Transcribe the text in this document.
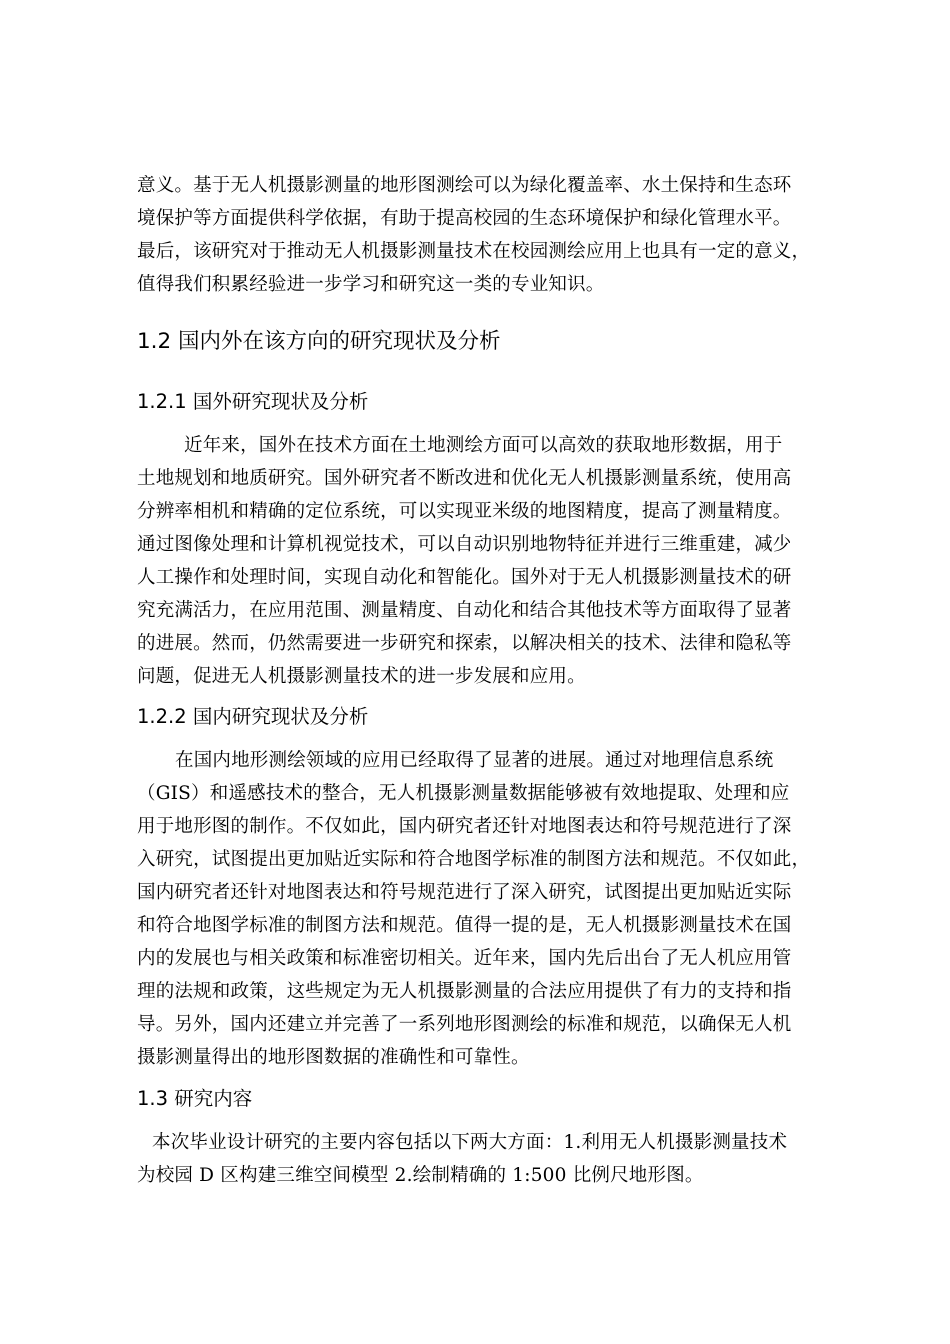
意义。基于无人机摄影测量的地形图测绘可以为绿化覆盖率、水土保持和生态环
境保护等方面提供科学依据，有助于提高校园的生态环境保护和绿化管理水平。
最后，该研究对于推动无人机摄影测量技术在校园测绘应用上也具有一定的意义，
值得我们积累经验进一步学习和研究这一类的专业知识。
1.2 国内外在该方向的研究现状及分析
1.2.1 国外研究现状及分析
近年来，国外在技术方面在土地测绘方面可以高效的获取地形数据，用于
土地规划和地质研究。国外研究者不断改进和优化无人机摄影测量系统，使用高
分辨率相机和精确的定位系统，可以实现亚米级的地图精度，提高了测量精度。
通过图像处理和计算机视觉技术，可以自动识别地物特征并进行三维重建，减少
人工操作和处理时间，实现自动化和智能化。国外对于无人机摄影测量技术的研
究充满活力，在应用范围、测量精度、自动化和结合其他技术等方面取得了显著
的进展。然而，仍然需要进一步研究和探索，以解决相关的技术、法律和隐私等
问题，促进无人机摄影测量技术的进一步发展和应用。
1.2.2 国内研究现状及分析
在国内地形测绘领域的应用已经取得了显著的进展。通过对地理信息系统
（GIS）和遥感技术的整合，无人机摄影测量数据能够被有效地提取、处理和应
用于地形图的制作。不仅如此，国内研究者还针对地图表达和符号规范进行了深
入研究，试图提出更加贴近实际和符合地图学标准的制图方法和规范。不仅如此，
国内研究者还针对地图表达和符号规范进行了深入研究，试图提出更加贴近实际
和符合地图学标准的制图方法和规范。值得一提的是，无人机摄影测量技术在国
内的发展也与相关政策和标准密切相关。近年来，国内先后出台了无人机应用管
理的法规和政策，这些规定为无人机摄影测量的合法应用提供了有力的支持和指
导。另外，国内还建立并完善了一系列地形图测绘的标准和规范，以确保无人机
摄影测量得出的地形图数据的准确性和可靠性。
1.3 研究内容
本次毕业设计研究的主要内容包括以下两大方面：1.利用无人机摄影测量技术
为校园 D 区构建三维空间模型 2.绘制精确的 1:500 比例尺地形图。
